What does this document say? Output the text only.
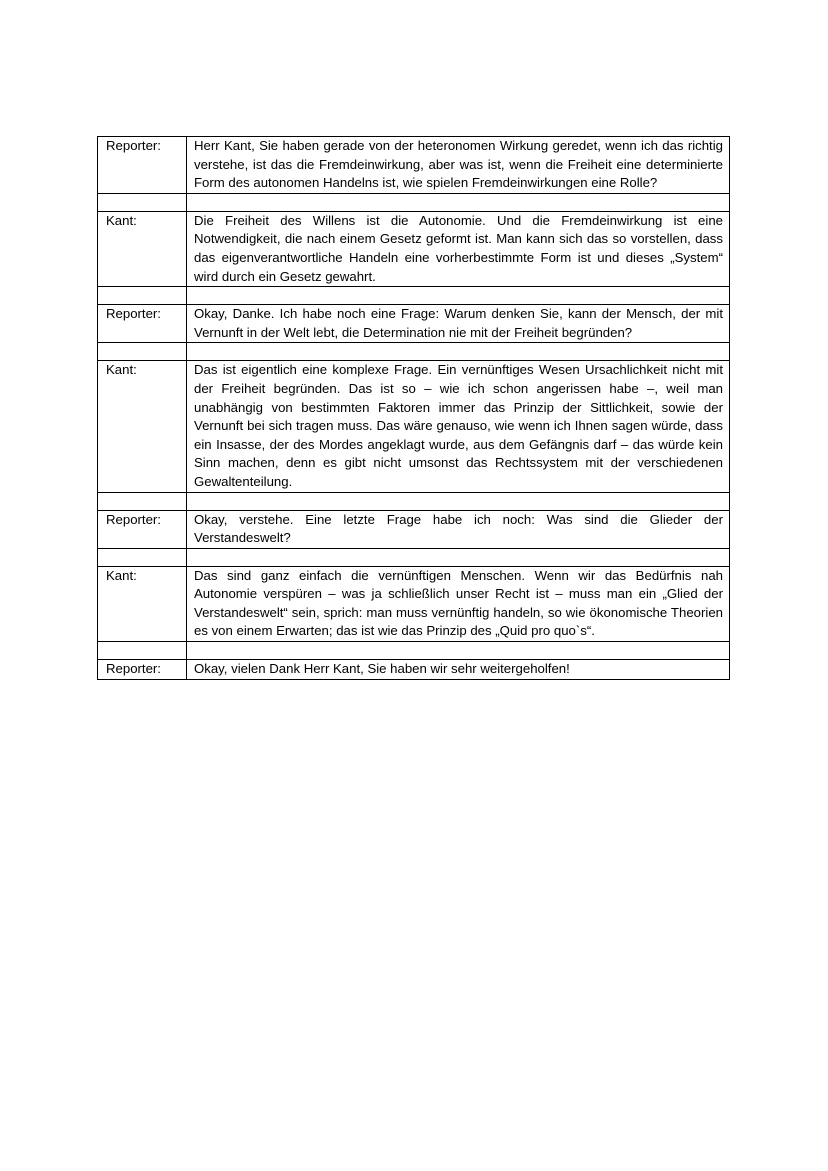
Reporter:	Herr Kant, Sie haben gerade von der heteronomen Wirkung geredet, wenn ich das richtig verstehe, ist das die Fremdeinwirkung, aber was ist, wenn die Freiheit eine determinierte Form des autonomen Handelns ist, wie spielen Fremdeinwirkungen eine Rolle?

Kant:	Die Freiheit des Willens ist die Autonomie. Und die Fremdeinwirkung ist eine Notwendigkeit, die nach einem Gesetz geformt ist. Man kann sich das so vorstellen, dass das eigenverantwortliche Handeln eine vorherbestimmte Form ist und dieses „System“ wird durch ein Gesetz gewahrt.

Reporter:	Okay, Danke. Ich habe noch eine Frage: Warum denken Sie, kann der Mensch, der mit Vernunft in der Welt lebt, die Determination nie mit der Freiheit begründen?

Kant:	Das ist eigentlich eine komplexe Frage. Ein vernünftiges Wesen Ursachlichkeit nicht mit der Freiheit begründen. Das ist so – wie ich schon angerissen habe –, weil man unabhängig von bestimmten Faktoren immer das Prinzip der Sittlichkeit, sowie der Vernunft bei sich tragen muss. Das wäre genauso, wie wenn ich Ihnen sagen würde, dass ein Insasse, der des Mordes angeklagt wurde, aus dem Gefängnis darf – das würde kein Sinn machen, denn es gibt nicht umsonst das Rechtssystem mit der verschiedenen Gewaltenteilung.

Reporter:	Okay, verstehe. Eine letzte Frage habe ich noch: Was sind die Glieder der Verstandeswelt?

Kant:	Das sind ganz einfach die vernünftigen Menschen. Wenn wir das Bedürfnis nah Autonomie verspüren – was ja schließlich unser Recht ist – muss man ein „Glied der Verstandeswelt“ sein, sprich: man muss vernünftig handeln, so wie ökonomische Theorien es von einem Erwarten; das ist wie das Prinzip des „Quid pro quo`s“.

Reporter:	Okay, vielen Dank Herr Kant, Sie haben wir sehr weitergeholfen!
